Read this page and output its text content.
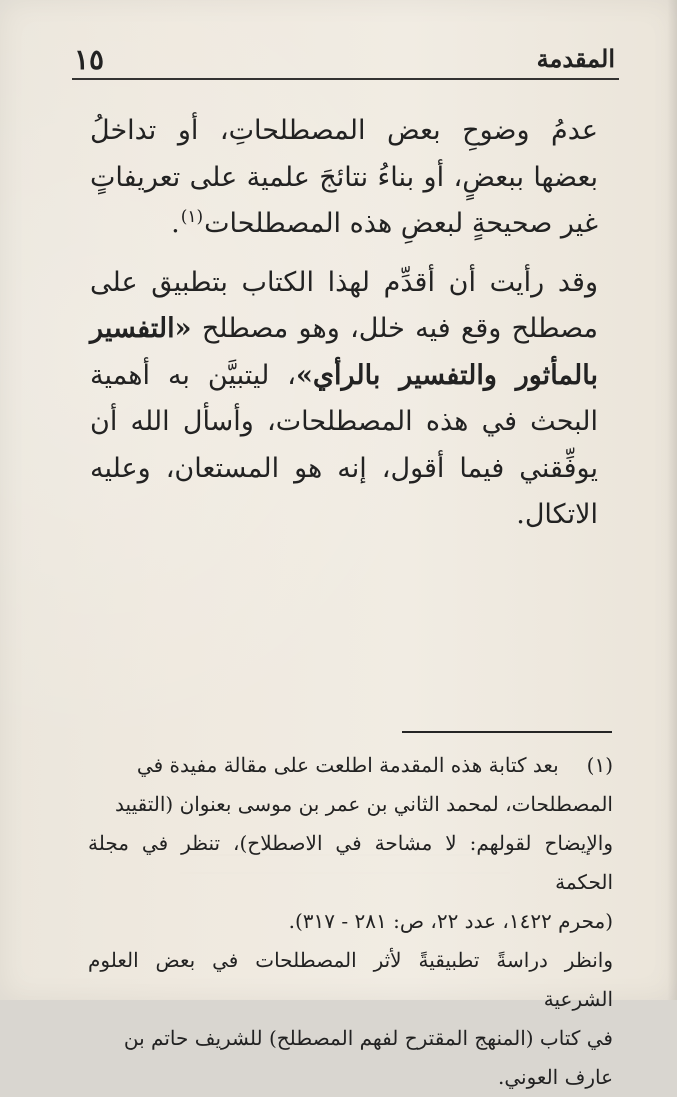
١٥	المقدمة

عدمُ وضوحِ بعض المصطلحاتِ، أو تداخلُ بعضها ببعضٍ، أو بناءُ نتائجَ علمية على تعريفاتٍ غير صحيحةٍ لبعضِ هذه المصطلحات$^{(١)}$.

وقد رأيت أن أقدِّم لهذا الكتاب بتطبيق على مصطلح وقع فيه خلل، وهو مصطلح «التفسير بالمأثور والتفسير بالرأي»، ليتبيَّن به أهمية البحث في هذه المصطلحات، وأسأل الله أن يوفِّقني فيما أقول، إنه هو المستعان، وعليه الاتكال.

(١) بعد كتابة هذه المقدمة اطلعت على مقالة مفيدة في

المصطلحات، لمحمد الثاني بن عمر بن موسى بعنوان (التقييد

والإيضاح لقولهم: لا مشاحة في الاصطلاح)، تنظر في مجلة الحكمة

(محرم ١٤٢٢، عدد ٢٢، ص: ٢٨١ - ٣١٧).

وانظر دراسةً تطبيقيةً لأثر المصطلحات في بعض العلوم الشرعية

في كتاب (المنهج المقترح لفهم المصطلح) للشريف حاتم بن

عارف العوني.
